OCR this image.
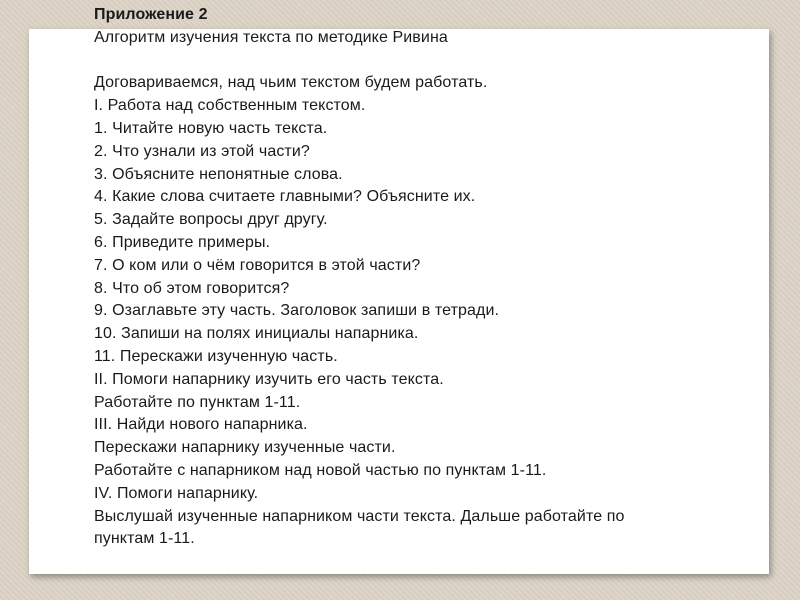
Приложение 2
Алгоритм изучения текста по методике Ривина
Договариваемся, над чьим текстом будем работать.
I. Работа над собственным текстом.
1. Читайте новую часть текста.
2. Что узнали из этой части?
3. Объясните непонятные слова.
4. Какие слова считаете главными? Объясните их.
5. Задайте вопросы друг другу.
6. Приведите примеры.
7. О ком или о чём говорится в этой части?
8. Что об этом говорится?
9. Озаглавьте эту часть. Заголовок запиши в тетради.
10. Запиши на полях инициалы напарника.
11. Перескажи изученную часть.
II. Помоги напарнику изучить его часть текста.
Работайте по пунктам 1-11.
III. Найди нового напарника.
Перескажи напарнику изученные части.
Работайте с напарником над новой частью по пунктам 1-11.
IV. Помоги напарнику.
Выслушай изученные напарником части текста. Дальше работайте по
пунктам 1-11.
